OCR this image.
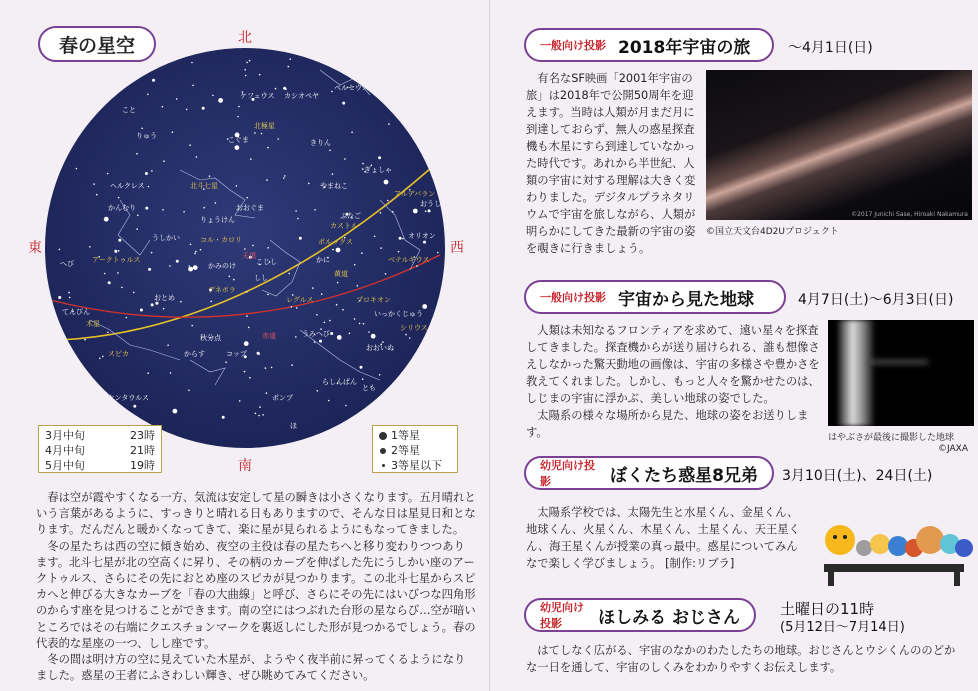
北
南
東	西
ケフェウス カシオペヤ
ペルセウス
こと
りゅう
北極星
こぐま	きりん
ヘルクレス	北斗七星	やまねこ
ぎょしゃ
かんむり	おおぐま
アルデバラン
おうし
りょうけん	ふたご
カストル
オリオン
うしかい	コル・カロリ	ポルックス
ベテルギウス
アークトゥルス	天頂
こじし	かに
へび	かみのけ
しし	黄道
デネボラ
レグルス	プロキオン
おとめ
いっかくじゅう
てんびん
木星
赤道
シリウス
秋分点	うみへび
スピカ	からす	コップ
おおいぬ
らしんばん
とも
ケンタウルス	ポンプ
ほ
春の星空
3月中旬	23時
4月中旬	21時
5月中旬	19時
1等星
2等星
3等星以下

春は空が霞やすくなる一方、気流は安定して星の瞬きは小さくなります。五月晴れという言葉があるように、すっきりと晴れる日もありますので、そんな日は星見日和となります。だんだんと暖かくなってきて、楽に星が見られるようにもなってきました。

冬の星たちは西の空に傾き始め、夜空の主役は春の星たちへと移り変わりつつあります。北斗七星が北の空高くに昇り、その柄のカーブを伸ばした先にうしかい座のアークトゥルス、さらにその先におとめ座のスピカが見つかります。この北斗七星からスピカへと伸びる大きなカーブを「春の大曲線」と呼び、さらにその先にはいびつな四角形のからす座を見つけることができます。南の空にはつぶれた台形の星ならび…空が暗いところではその右端にクエスチョンマークを裏返しにした形が見つかるでしょう。春の代表的な星座の一つ、しし座です。

冬の間は明け方の空に見えていた木星が、ようやく夜半前に昇ってくるようになりました。惑星の王者にふさわしい輝き、ぜひ眺めてみてください。

一般向け投影 2018年宇宙の旅	〜4月1日(日)

有名なSF映画「2001年宇宙の旅」は2018年で公開50周年を迎えます。当時は人類が月まだ月に到達しておらず、無人の惑星探査機も木星にすら到達していなかった時代です。あれから半世紀、人類の宇宙に対する理解は大きく変わりました。デジタルプラネタリウムで宇宙を旅しながら、人類が明らかにしてきた最新の宇宙の姿を覗きに行きましょう。

©2017 Junichi Sase, Hiroaki Nakamura
©国立天文台4D2Uプロジェクト
一般向け投影 宇宙から見た地球	4月7日(土)〜6月3日(日)

人類は未知なるフロンティアを求めて、遠い星々を探査してきました。探査機からが送り届けられる、誰も想像さえしなかった驚天動地の画像は、宇宙の多様さや豊かさを教えてくれました。しかし、もっと人々を驚かせたのは、しじまの宇宙に浮かぶ、美しい地球の姿でした。

太陽系の様々な場所から見た、地球の姿をお送りします。	はやぶさが最後に撮影した地球
©JAXA
幼児向け投影	ぼくたち惑星8兄弟 3月10日(土)、24日(土)

太陽系学校では、太陽先生と水星くん、金星くん、地球くん、火星くん、木星くん、土星くん、天王星くん、海王星くんが授業の真っ最中。惑星についてみんなで楽しく学びましょう。 [制作:リブラ]

幼児向け投影	ほしみる おじさん	土曜日の11時
(5月12日〜7月14日)

はてしなく広がる、宇宙のなかのわたしたちの地球。おじさんとウシくんののどかな一日を通して、宇宙のしくみをわかりやすくお伝えします。
